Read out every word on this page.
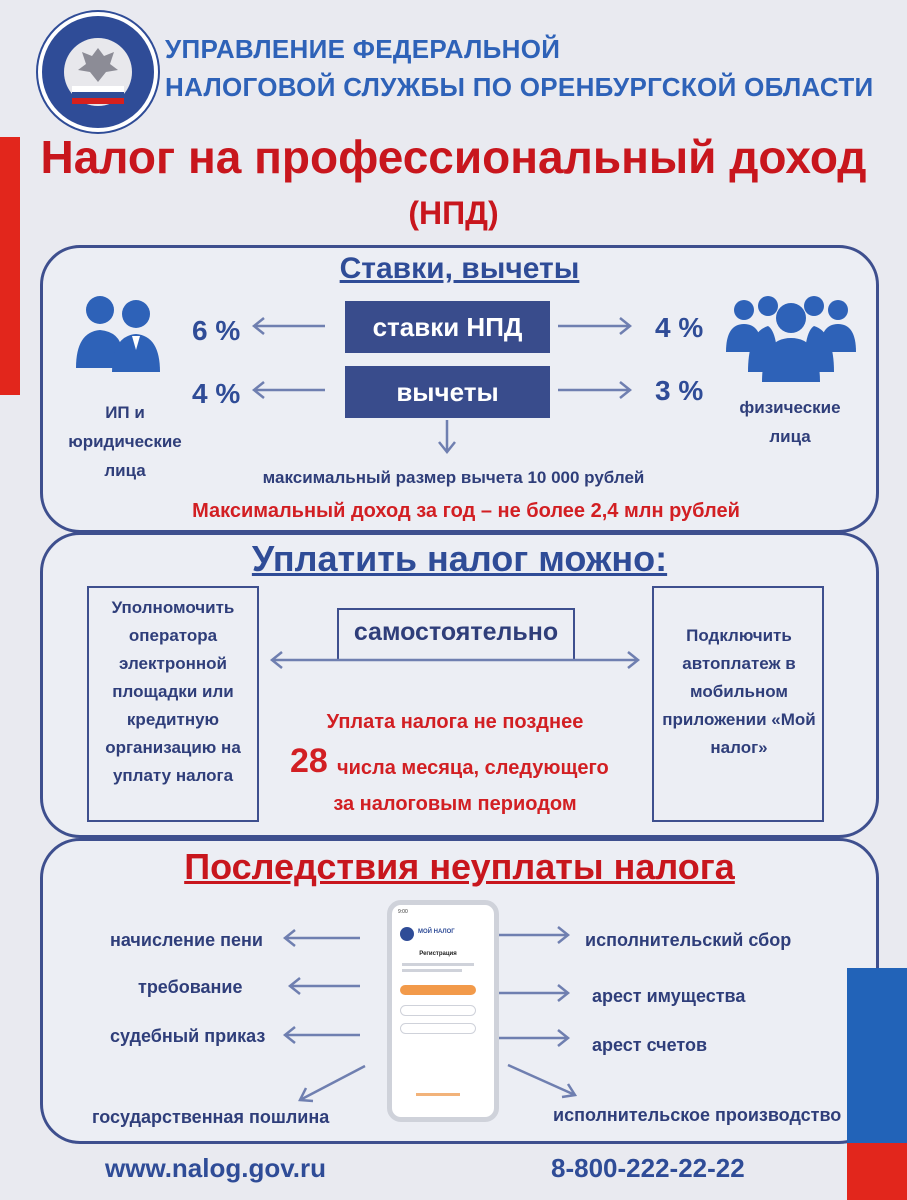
УПРАВЛЕНИЕ ФЕДЕРАЛЬНОЙ
НАЛОГОВОЙ СЛУЖБЫ ПО ОРЕНБУРГСКОЙ ОБЛАСТИ
Налог на профессиональный доход
(НПД)
Ставки, вычеты
ИП и юридические лица
физические лица
ставки НПД
вычеты
6 %
4 %
4 %
3 %
максимальный размер вычета 10 000 рублей
Максимальный доход за год – не более 2,4 млн рублей
Уплатить налог можно:
Уполномочить оператора электронной площадки или кредитную организацию на уплату налога
Подключить автоплатеж в мобильном приложении «Мой налог»
самостоятельно
Уплата налога не позднее
28 числа месяца, следующего
за налоговым периодом
Последствия неуплаты налога
начисление пени
требование
судебный приказ
государственная пошлина
исполнительский сбор
арест имущества
арест счетов
исполнительское производство
9:00
МОЙ НАЛОГ
Регистрация
www.nalog.gov.ru	8-800-222-22-22
